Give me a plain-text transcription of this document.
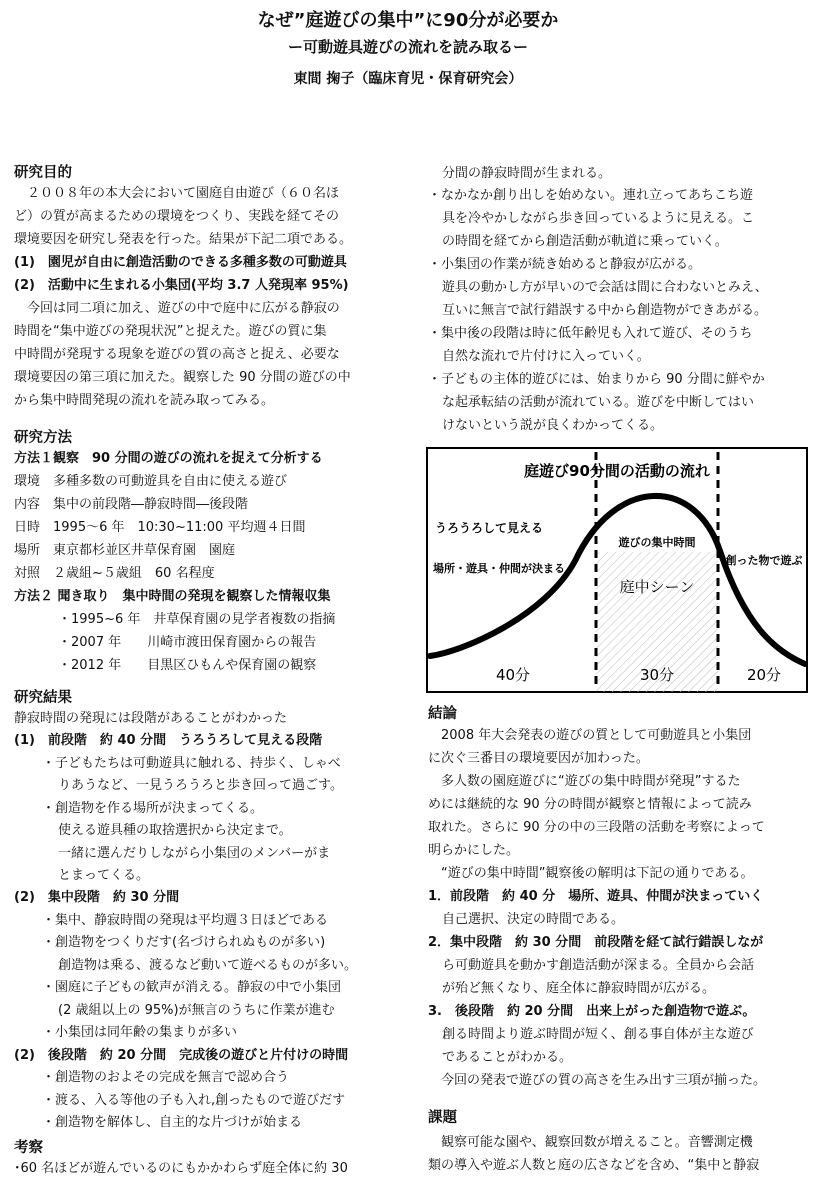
なぜ”庭遊びの集中”に90分が必要か
ー可動遊具遊びの流れを読み取るー
東間 掬子（臨床育児・保育研究会）
研究目的
　２００８年の本大会において園庭自由遊び（６０名ほ
ど）の質が高まるための環境をつくり、実践を経てその
環境要因を研究し発表を行った。結果が下記二項である。
(1)　園児が自由に創造活動のできる多種多数の可動遊具
(2)　活動中に生まれる小集団(平均 3.7 人発現率 95%)
　今回は同二項に加え、遊びの中で庭中に広がる静寂の
時間を“集中遊びの発現状況”と捉えた。遊びの質に集
中時間が発現する現象を遊びの質の高さと捉え、必要な
環境要因の第三項に加えた。観察した 90 分間の遊びの中
から集中時間発現の流れを読み取ってみる。
研究方法
方法１観察　90 分間の遊びの流れを捉えて分析する
環境　多種多数の可動遊具を自由に使える遊び
内容　集中の前段階―静寂時間―後段階
日時　1995～6 年　10:30~11:00 平均週４日間
場所　東京都杉並区井草保育園　園庭
対照　２歳組~５歳組　60 名程度
方法２ 聞き取り　集中時間の発現を観察した情報収集
・1995~6 年　井草保育園の見学者複数の指摘
・2007 年　　川崎市渡田保育園からの報告
・2012 年　　目黒区ひもんや保育園の観察
研究結果
静寂時間の発現には段階があることがわかった
(1)　前段階　約 40 分間　うろうろして見える段階
・子どもたちは可動遊具に触れる、持歩く、しゃべ
りあうなど、一見うろうろと歩き回って過ごす。
・創造物を作る場所が決まってくる。
使える遊具種の取捨選択から決定まで。
一緒に選んだりしながら小集団のメンバーがま
とまってくる。
(2)　集中段階　約 30 分間
・集中、静寂時間の発現は平均週３日ほどである
・創造物をつくりだす(名づけられぬものが多い)
創造物は乗る、渡るなど動いて遊べるものが多い。
・園庭に子どもの歓声が消える。静寂の中で小集団
(2 歳組以上の 95%)が無言のうちに作業が進む
・小集団は同年齢の集まりが多い
(2)　後段階　約 20 分間　完成後の遊びと片付けの時間
・創造物のおよその完成を無言で認め合う
・渡る、入る等他の子も入れ,創ったもので遊びだす
・創造物を解体し、自主的な片づけが始まる
考察
･60 名ほどが遊んでいるのにもかかわらず庭全体に約 30
分間の静寂時間が生まれる。
・なかなか創り出しを始めない。連れ立ってあちこち遊
具を冷やかしながら歩き回っているように見える。こ
の時間を経てから創造活動が軌道に乗っていく。
・小集団の作業が続き始めると静寂が広がる。
遊具の動かし方が早いので会話は間に合わないとみえ、
互いに無言で試行錯誤する中から創造物ができあがる。
・集中後の段階は時に低年齢児も入れて遊び、そのうち
自然な流れで片付けに入っていく。
・子どもの主体的遊びには、始まりから 90 分間に鮮やか
な起承転結の活動が流れている。遊びを中断してはい
けないという説が良くわかってくる。
結論
　2008 年大会発表の遊びの質として可動遊具と小集団
に次ぐ三番目の環境要因が加わった。
　多人数の園庭遊びに“遊びの集中時間が発現”するた
めには継続的な 90 分の時間が観察と情報によって読み
取れた。さらに 90 分の中の三段階の活動を考察によって
明らかにした。
　“遊びの集中時間”観察後の解明は下記の通りである。
1．前段階　約 40 分　場所、遊具、仲間が決まっていく
自己選択、決定の時間である。
2．集中段階　約 30 分間　前段階を経て試行錯誤しなが
ら可動遊具を動かす創造活動が深まる。全員から会話
が殆ど無くなり、庭全体に静寂時間が広がる。
3.　後段階　約 20 分間　出来上がった創造物で遊ぶ。
創る時間より遊ぶ時間が短く、創る事自体が主な遊び
であることがわかる。
　今回の発表で遊びの質の高さを生み出す三項が揃った。
課題
　観察可能な園や、観察回数が増えること。音響測定機
類の導入や遊ぶ人数と庭の広さなどを含め、“集中と静寂
庭遊び90分間の活動の流れ
うろうろして見える
場所・遊具・仲間が決まる
遊びの集中時間
庭中シーン
創った物で遊ぶ
40分	30分	20分
